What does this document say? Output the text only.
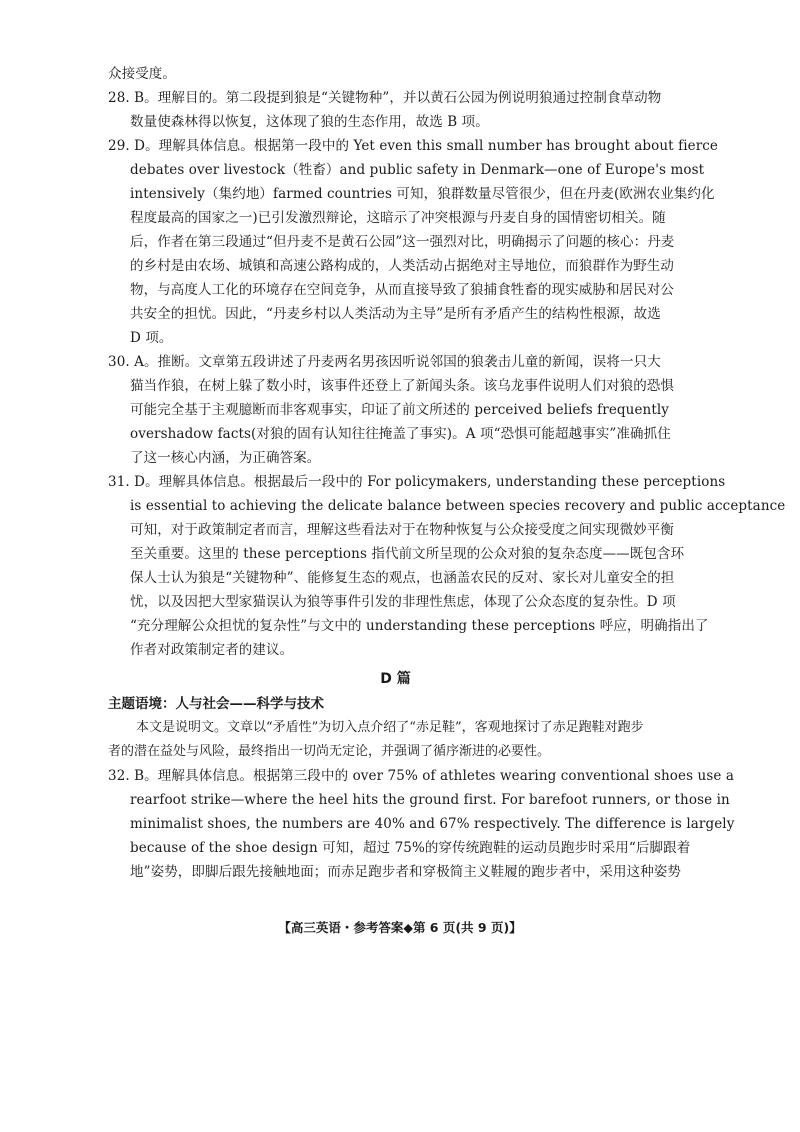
众接受度。

28. B。理解目的。第二段提到狼是“关键物种”，并以黄石公园为例说明狼通过控制食草动物

数量使森林得以恢复，这体现了狼的生态作用，故选 B 项。

29. D。理解具体信息。根据第一段中的 Yet even this small number has brought about fierce

debates over livestock（牲畜）and public safety in Denmark—one of Europe's most

intensively（集约地）farmed countries 可知，狼群数量尽管很少，但在丹麦(欧洲农业集约化

程度最高的国家之一)已引发激烈辩论，这暗示了冲突根源与丹麦自身的国情密切相关。随

后，作者在第三段通过“但丹麦不是黄石公园”这一强烈对比，明确揭示了问题的核心：丹麦

的乡村是由农场、城镇和高速公路构成的，人类活动占据绝对主导地位，而狼群作为野生动

物，与高度人工化的环境存在空间竞争，从而直接导致了狼捕食牲畜的现实威胁和居民对公

共安全的担忧。因此，“丹麦乡村以人类活动为主导”是所有矛盾产生的结构性根源，故选

D 项。

30. A。推断。文章第五段讲述了丹麦两名男孩因听说邻国的狼袭击儿童的新闻，误将一只大

猫当作狼，在树上躲了数小时，该事件还登上了新闻头条。该乌龙事件说明人们对狼的恐惧

可能完全基于主观臆断而非客观事实，印证了前文所述的 perceived beliefs frequently

overshadow facts(对狼的固有认知往往掩盖了事实)。A 项“恐惧可能超越事实”准确抓住

了这一核心内涵，为正确答案。

31. D。理解具体信息。根据最后一段中的 For policymakers, understanding these perceptions

is essential to achieving the delicate balance between species recovery and public acceptance

可知，对于政策制定者而言，理解这些看法对于在物种恢复与公众接受度之间实现微妙平衡

至关重要。这里的 these perceptions 指代前文所呈现的公众对狼的复杂态度——既包含环

保人士认为狼是“关键物种”、能修复生态的观点，也涵盖农民的反对、家长对儿童安全的担

忧，以及因把大型家猫误认为狼等事件引发的非理性焦虑，体现了公众态度的复杂性。D 项

“充分理解公众担忧的复杂性”与文中的 understanding these perceptions 呼应，明确指出了

作者对政策制定者的建议。

D 篇

主题语境：人与社会——科学与技术

本文是说明文。文章以“矛盾性”为切入点介绍了“赤足鞋”，客观地探讨了赤足跑鞋对跑步

者的潜在益处与风险，最终指出一切尚无定论，并强调了循序渐进的必要性。

32. B。理解具体信息。根据第三段中的 over 75% of athletes wearing conventional shoes use a

rearfoot strike—where the heel hits the ground first. For barefoot runners, or those in

minimalist shoes, the numbers are 40% and 67% respectively. The difference is largely

because of the shoe design 可知，超过 75%的穿传统跑鞋的运动员跑步时采用“后脚跟着

地”姿势，即脚后跟先接触地面；而赤足跑步者和穿极简主义鞋履的跑步者中，采用这种姿势

【高三英语・参考答案◆第 6 页(共 9 页)】
